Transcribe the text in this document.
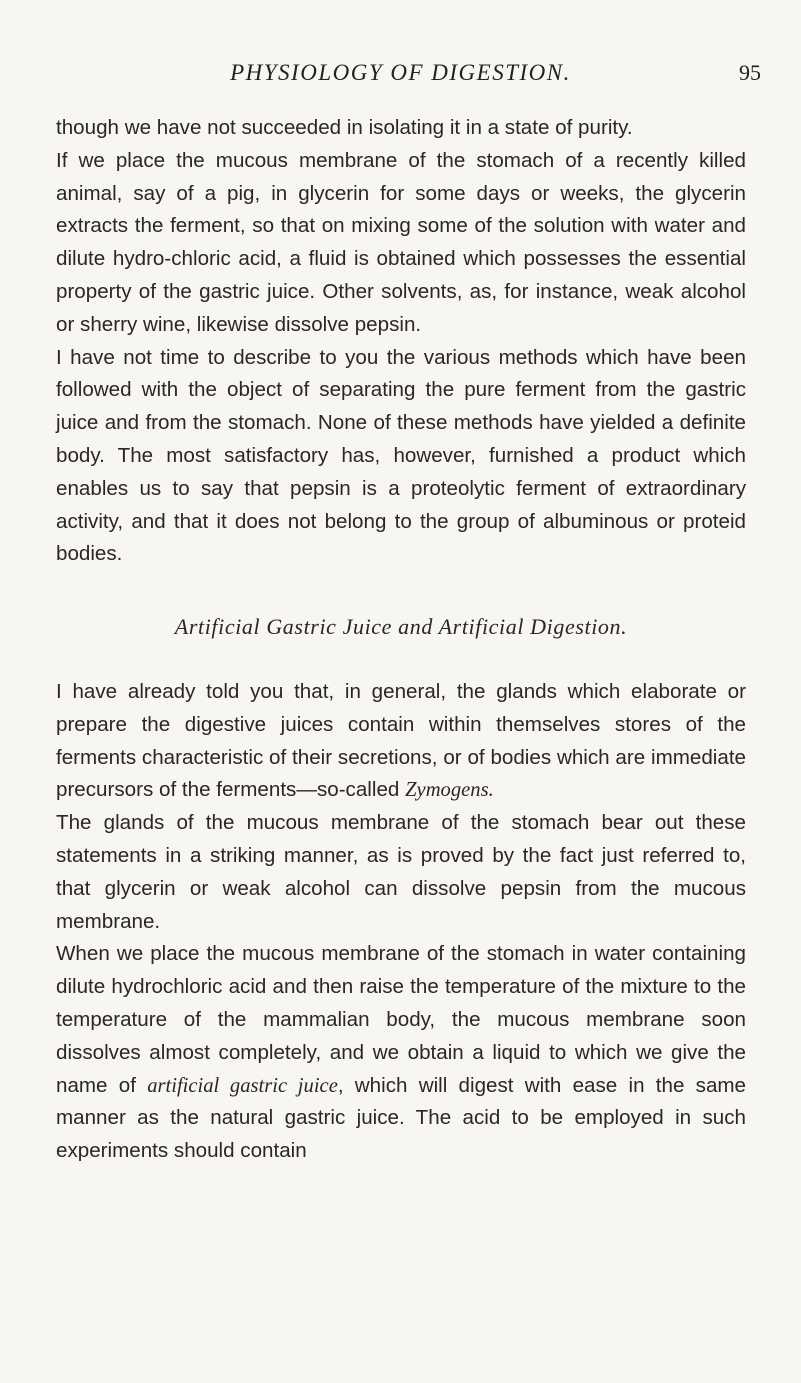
PHYSIOLOGY OF DIGESTION.	95

though we have not succeeded in isolating it in a state of purity.

If we place the mucous membrane of the stomach of a recently killed animal, say of a pig, in glycerin for some days or weeks, the glycerin extracts the ferment, so that on mixing some of the solution with water and dilute hydro-chloric acid, a fluid is obtained which possesses the essential property of the gastric juice. Other solvents, as, for instance, weak alcohol or sherry wine, likewise dissolve pepsin.

I have not time to describe to you the various methods which have been followed with the object of separating the pure ferment from the gastric juice and from the stomach. None of these methods have yielded a definite body. The most satisfactory has, however, furnished a product which enables us to say that pepsin is a proteolytic ferment of extraordinary activity, and that it does not belong to the group of albuminous or proteid bodies.

Artificial Gastric Juice and Artificial Digestion.

I have already told you that, in general, the glands which elaborate or prepare the digestive juices contain within themselves stores of the ferments characteristic of their secretions, or of bodies which are immediate precursors of the ferments—so-called Zymogens.

The glands of the mucous membrane of the stomach bear out these statements in a striking manner, as is proved by the fact just referred to, that glycerin or weak alcohol can dissolve pepsin from the mucous membrane.

When we place the mucous membrane of the stomach in water containing dilute hydrochloric acid and then raise the temperature of the mixture to the temperature of the mammalian body, the mucous membrane soon dissolves almost completely, and we obtain a liquid to which we give the name of artificial gastric juice, which will digest with ease in the same manner as the natural gastric juice. The acid to be employed in such experiments should contain
